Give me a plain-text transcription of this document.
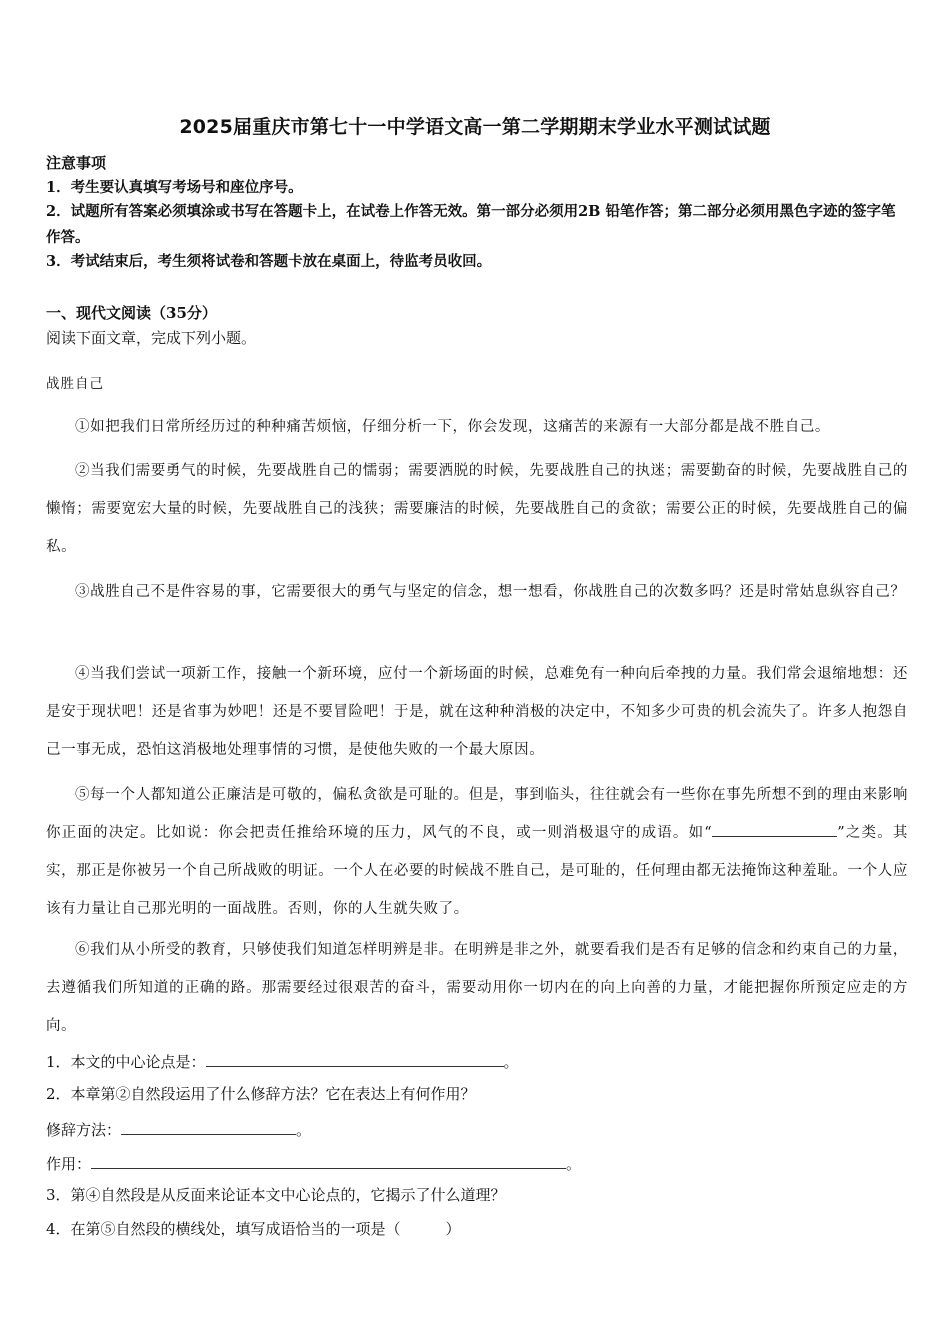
2025届重庆市第七十一中学语文高一第二学期期末学业水平测试试题
注意事项
1．考生要认真填写考场号和座位序号。
2．试题所有答案必须填涂或书写在答题卡上，在试卷上作答无效。第一部分必须用2B 铅笔作答；第二部分必须用黑色字迹的签字笔作答。
3．考试结束后，考生须将试卷和答题卡放在桌面上，待监考员收回。
一、现代文阅读（35分）
阅读下面文章，完成下列小题。
战胜自己
①如把我们日常所经历过的种种痛苦烦恼，仔细分析一下，你会发现，这痛苦的来源有一大部分都是战不胜自己。
②当我们需要勇气的时候，先要战胜自己的懦弱；需要洒脱的时候，先要战胜自己的执迷；需要勤奋的时候，先要战胜自己的懒惰；需要宽宏大量的时候，先要战胜自己的浅狭；需要廉洁的时候，先要战胜自己的贪欲；需要公正的时候，先要战胜自己的偏私。
③战胜自己不是件容易的事，它需要很大的勇气与坚定的信念，想一想看，你战胜自己的次数多吗？还是时常姑息纵容自己？
④当我们尝试一项新工作，接触一个新环境，应付一个新场面的时候，总难免有一种向后牵拽的力量。我们常会退缩地想：还是安于现状吧！还是省事为妙吧！还是不要冒险吧！于是，就在这种种消极的决定中，不知多少可贵的机会流失了。许多人抱怨自己一事无成，恐怕这消极地处理事情的习惯，是使他失败的一个最大原因。
⑤每一个人都知道公正廉洁是可敬的，偏私贪欲是可耻的。但是，事到临头，往往就会有一些你在事先所想不到的理由来影响你正面的决定。比如说：你会把责任推给环境的压力，风气的不良，或一则消极退守的成语。如“	”之类。其实，那正是你被另一个自己所战败的明证。一个人在必要的时候战不胜自己，是可耻的，任何理由都无法掩饰这种羞耻。一个人应该有力量让自己那光明的一面战胜。否则，你的人生就失败了。
⑥我们从小所受的教育，只够使我们知道怎样明辨是非。在明辨是非之外，就要看我们是否有足够的信念和约束自己的力量，去遵循我们所知道的正确的路。那需要经过很艰苦的奋斗，需要动用你一切内在的向上向善的力量，才能把握你所预定应走的方向。
1．本文的中心论点是：	。
2．本章第②自然段运用了什么修辞方法？它在表达上有何作用？
修辞方法：	。
作用：	。
3．第④自然段是从反面来论证本文中心论点的，它揭示了什么道理？
4．在第⑤自然段的横线处，填写成语恰当的一项是（　　　）
